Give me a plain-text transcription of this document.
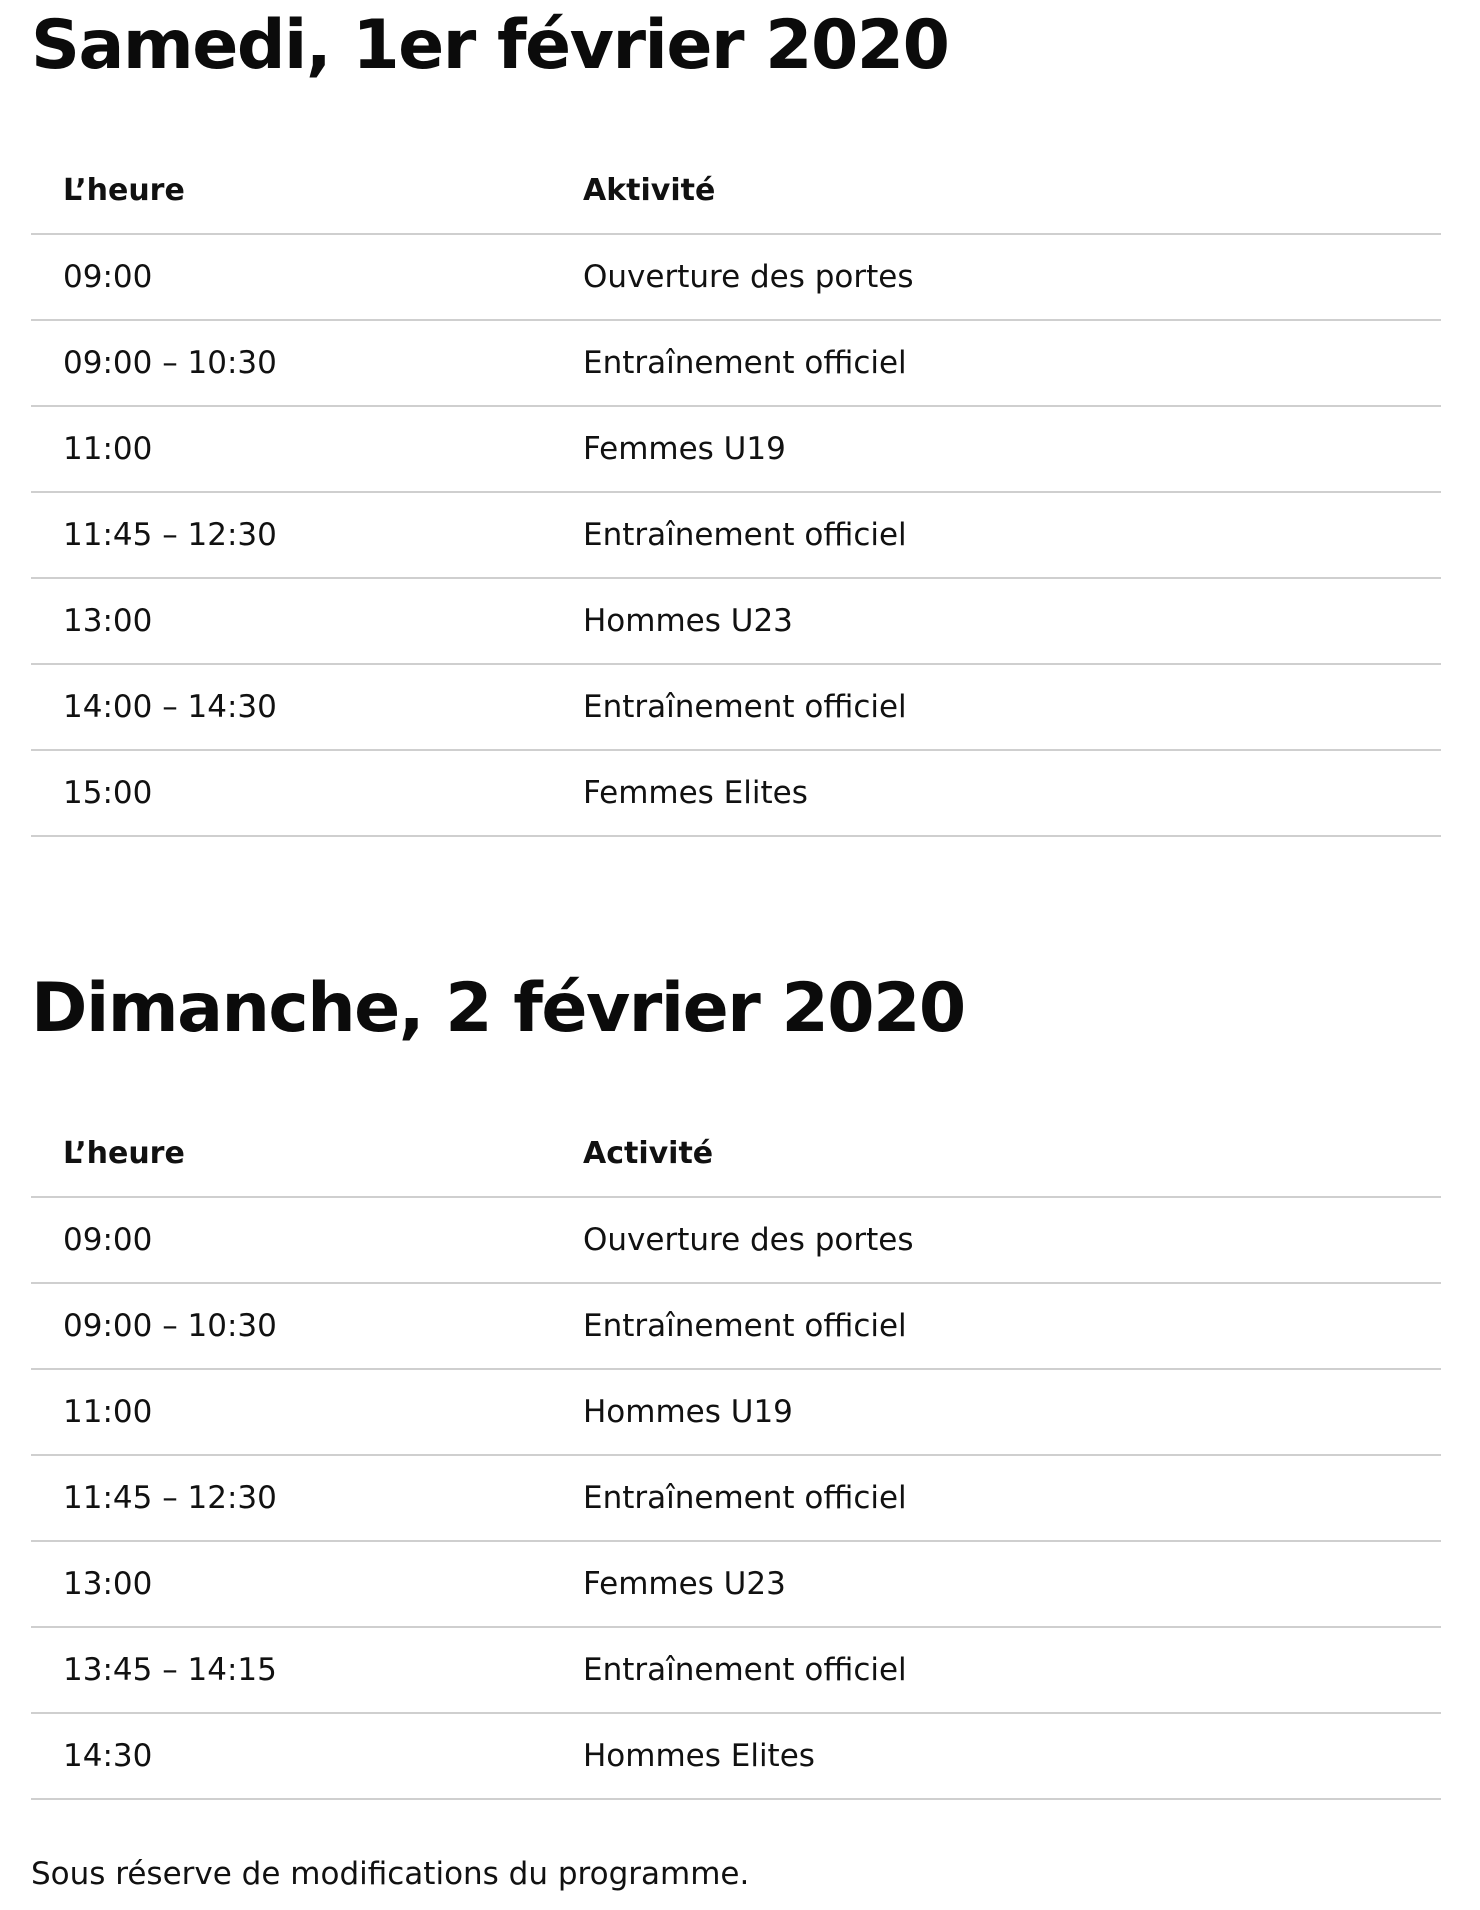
Samedi, 1er février 2020
L’heure	Aktivité
09:00	Ouverture des portes
09:00 – 10:30	Entraînement officiel
11:00	Femmes U19
11:45 – 12:30	Entraînement officiel
13:00	Hommes U23
14:00 – 14:30	Entraînement officiel
15:00	Femmes Elites
Dimanche, 2 février 2020
L’heure	Activité
09:00	Ouverture des portes
09:00 – 10:30	Entraînement officiel
11:00	Hommes U19
11:45 – 12:30	Entraînement officiel
13:00	Femmes U23
13:45 – 14:15	Entraînement officiel
14:30	Hommes Elites
Sous réserve de modifications du programme.
